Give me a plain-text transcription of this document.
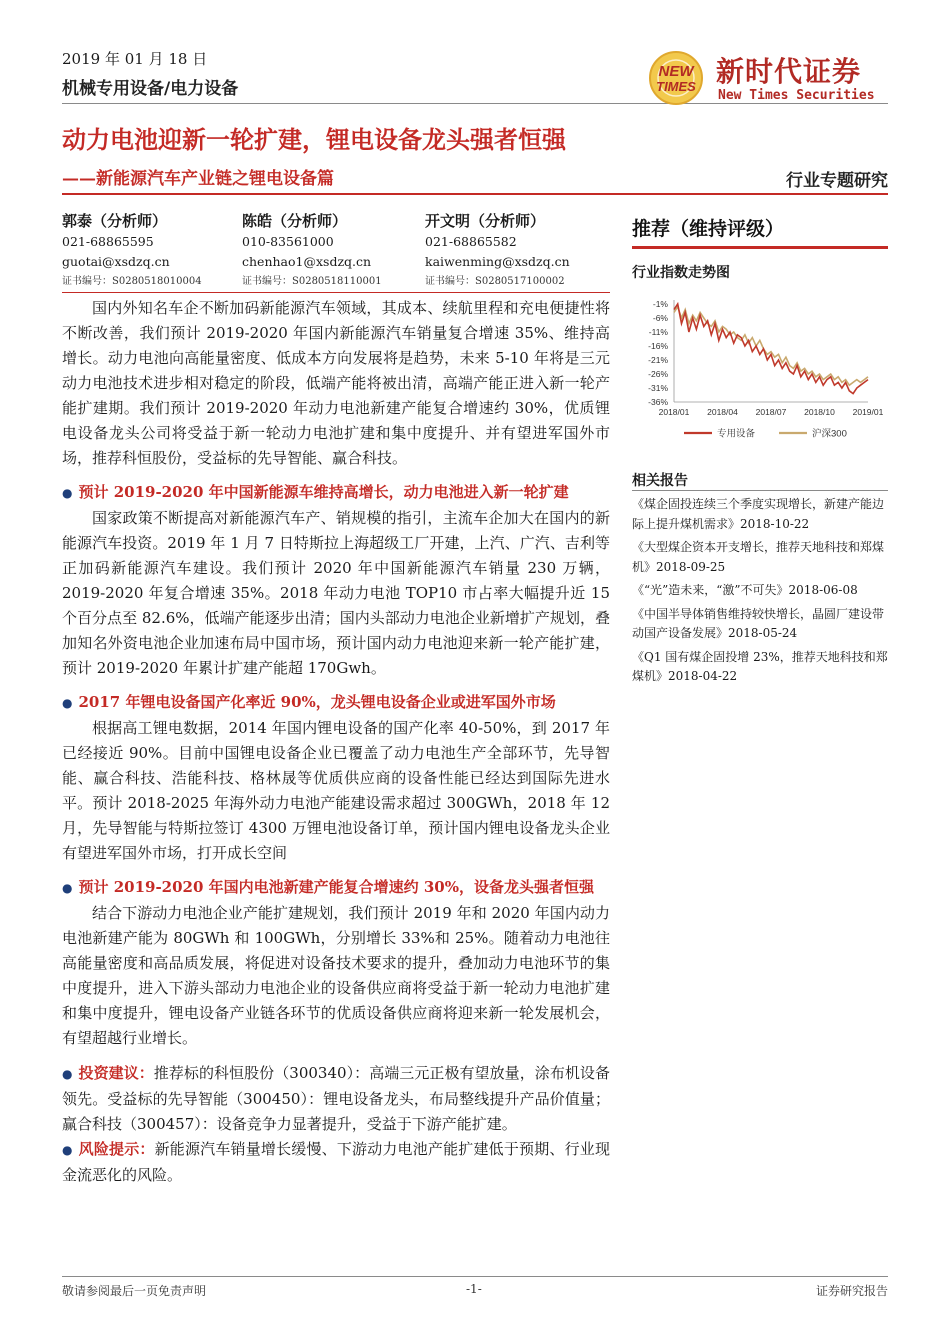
2019 年 01 月 18 日
机械专用设备/电力设备
NEW
TIMES 新时代证券
New Times Securities
动力电池迎新一轮扩建，锂电设备龙头强者恒强
——新能源汽车产业链之锂电设备篇	行业专题研究
郭泰（分析师）
021-68865595
guotai@xsdzq.cn
证书编号：S0280518010004
陈皓（分析师）
010-83561000
chenhao1@xsdzq.cn
证书编号：S0280518110001
开文明（分析师）
021-68865582
kaiwenming@xsdzq.cn
证书编号：S0280517100002

国内外知名车企不断加码新能源汽车领域，其成本、续航里程和充电便捷性将不断改善，我们预计 2019-2020 年国内新能源汽车销量复合增速 35%、维持高增长。动力电池向高能量密度、低成本方向发展将是趋势，未来 5-10 年将是三元动力电池技术进步相对稳定的阶段，低端产能将被出清，高端产能正进入新一轮产能扩建期。我们预计 2019-2020 年动力电池新建产能复合增速约 30%，优质锂电设备龙头公司将受益于新一轮动力电池扩建和集中度提升、并有望进军国外市场，推荐科恒股份，受益标的先导智能、赢合科技。

● 预计 2019-2020 年中国新能源车维持高增长，动力电池进入新一轮扩建

国家政策不断提高对新能源汽车产、销规模的指引，主流车企加大在国内的新能源汽车投资。2019 年 1 月 7 日特斯拉上海超级工厂开建，上汽、广汽、吉利等正加码新能源汽车建设。我们预计 2020 年中国新能源汽车销量 230 万辆，2019-2020 年复合增速 35%。2018 年动力电池 TOP10 市占率大幅提升近 15 个百分点至 82.6%，低端产能逐步出清；国内头部动力电池企业新增扩产规划，叠加知名外资电池企业加速布局中国市场，预计国内动力电池迎来新一轮产能扩建，预计 2019-2020 年累计扩建产能超 170Gwh。

● 2017 年锂电设备国产化率近 90%，龙头锂电设备企业或进军国外市场

根据高工锂电数据，2014 年国内锂电设备的国产化率 40-50%，到 2017 年已经接近 90%。目前中国锂电设备企业已覆盖了动力电池生产全部环节，先导智能、赢合科技、浩能科技、格林晟等优质供应商的设备性能已经达到国际先进水平。预计 2018-2025 年海外动力电池产能建设需求超过 300GWh，2018 年 12 月，先导智能与特斯拉签订 4300 万锂电池设备订单，预计国内锂电设备龙头企业有望进军国外市场，打开成长空间

● 预计 2019-2020 年国内电池新建产能复合增速约 30%，设备龙头强者恒强

结合下游动力电池企业产能扩建规划，我们预计 2019 年和 2020 年国内动力电池新建产能为 80GWh 和 100GWh，分别增长 33%和 25%。随着动力电池往高能量密度和高品质发展，将促进对设备技术要求的提升，叠加动力电池环节的集中度提升，进入下游头部动力电池企业的设备供应商将受益于新一轮动力电池扩建和集中度提升，锂电设备产业链各环节的优质设备供应商将迎来新一轮发展机会，有望超越行业增长。

● 投资建议：推荐标的科恒股份（300340）：高端三元正极有望放量，涂布机设备领先。受益标的先导智能（300450）：锂电设备龙头，布局整线提升产品价值量；赢合科技（300457）：设备竞争力显著提升，受益于下游产能扩建。

● 风险提示：新能源汽车销量增长缓慢、下游动力电池产能扩建低于预期、行业现金流恶化的风险。

推荐（维持评级）
行业指数走势图
-1%
-6%
-11%
-16%
-21%
-26%
-31%
-36%
2018/01 2018/04 2018/07 2018/10 2019/01
专用设备	沪深300
相关报告
《煤企固投连续三个季度实现增长，新建产能边际上提升煤机需求》2018-10-22
《大型煤企资本开支增长，推荐天地科技和郑煤机》2018-09-25
《“光”造未来，“激”不可失》2018-06-08
《中国半导体销售维持较快增长，晶圆厂建设带动国产设备发展》2018-05-24
《Q1 国有煤企固投增 23%，推荐天地科技和郑煤机》2018-04-22
敬请参阅最后一页免责声明	-1-	证券研究报告
